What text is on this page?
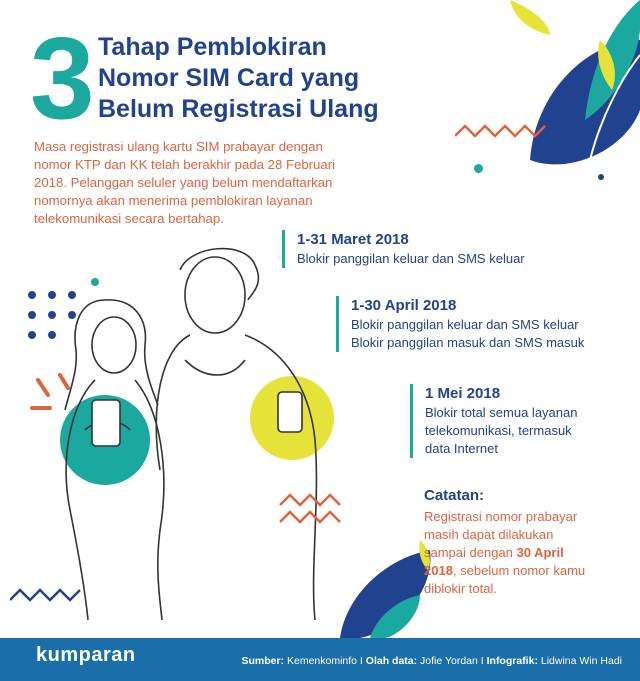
3 Tahap Pemblokiran
Nomor SIM Card yang
Belum Registrasi Ulang
Masa registrasi ulang kartu SIM prabayar dengan
nomor KTP dan KK telah berakhir pada 28 Februari
2018. Pelanggan seluler yang belum mendaftarkan
nomornya akan menerima pemblokiran layanan
telekomunikasi secara bertahap.
1-31 Maret 2018
Blokir panggilan keluar dan SMS keluar
1-30 April 2018
Blokir panggilan keluar dan SMS keluar
Blokir panggilan masuk dan SMS masuk
1 Mei 2018
Blokir total semua layanan
telekomunikasi, termasuk
data Internet
Catatan:
Registrasi nomor prabayar
masih dapat dilakukan
sampai dengan 30 April
2018, sebelum nomor kamu
diblokir total.
kumparan	Sumber: Kemenkominfo I Olah data: Jofie Yordan I Infografik: Lidwina Win Hadi
